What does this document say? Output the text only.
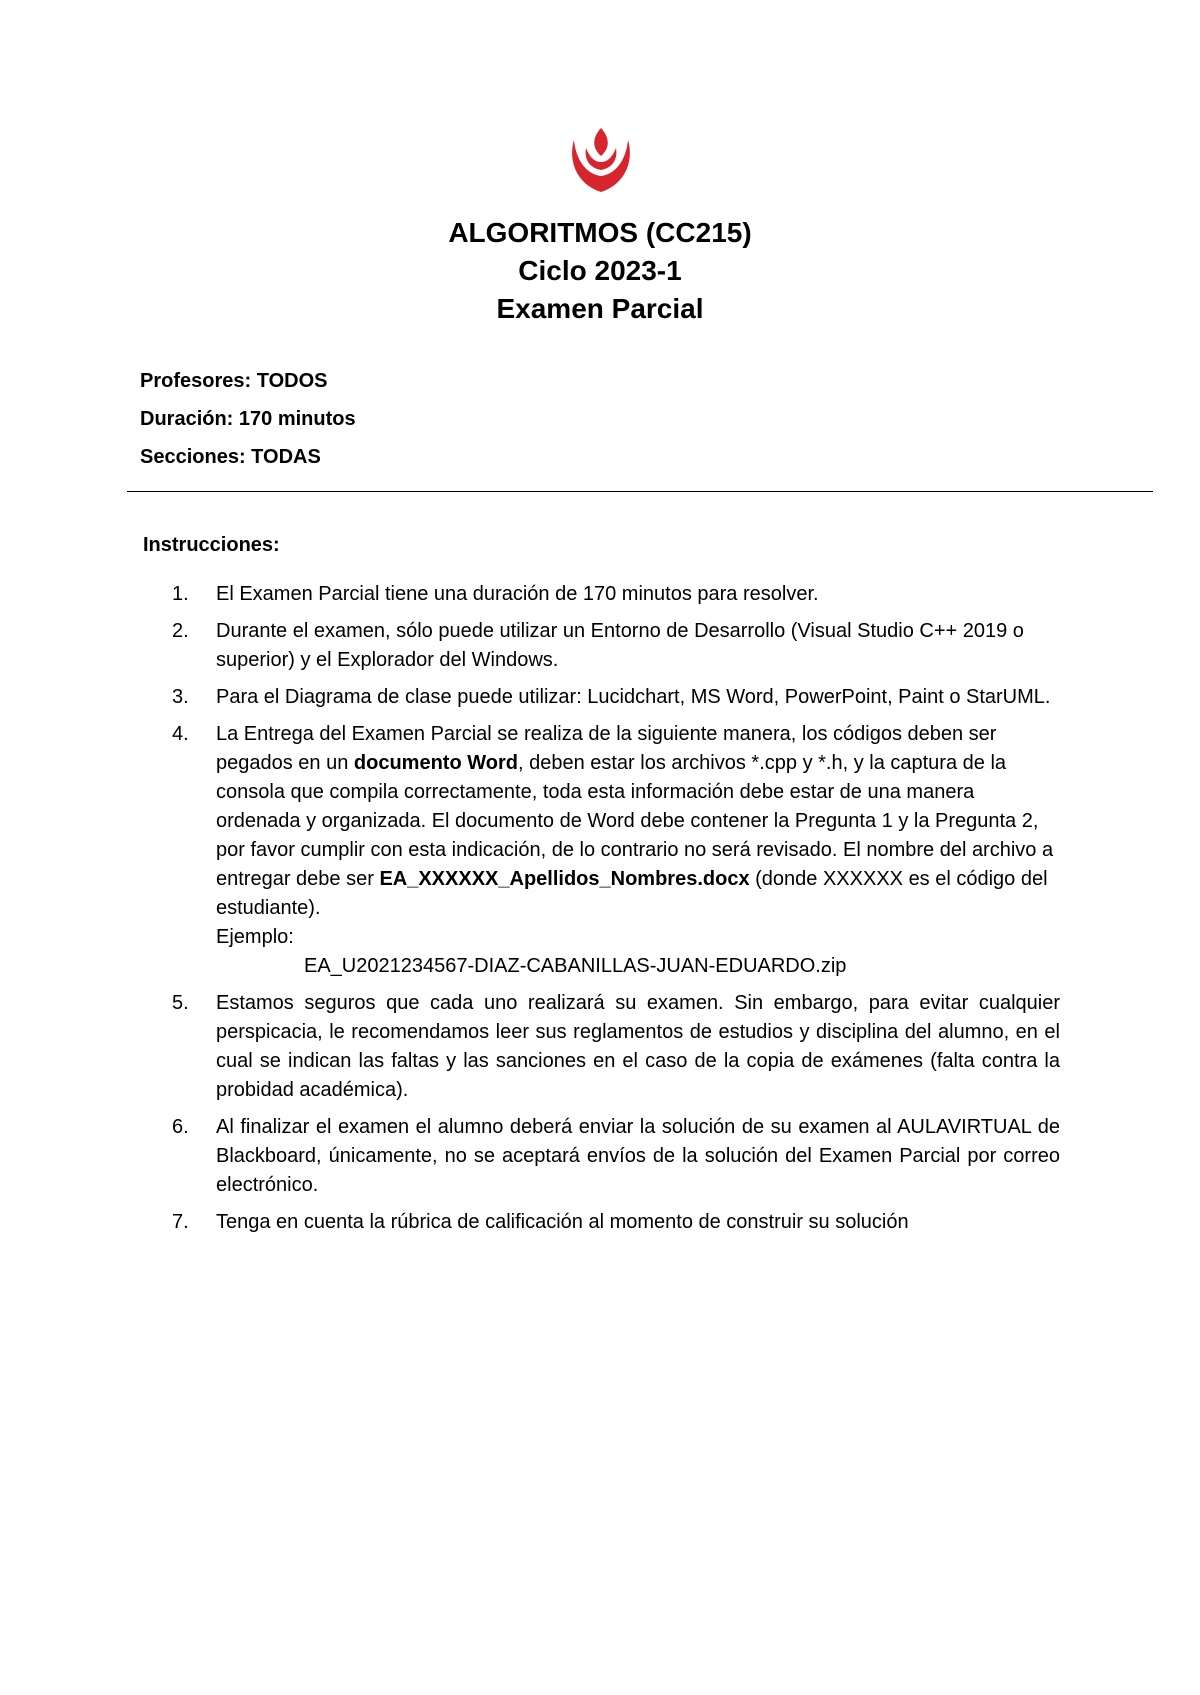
ALGORITMOS (CC215)
Ciclo 2023-1
Examen Parcial
Profesores: TODOS
Duración: 170 minutos
Secciones: TODAS
Instrucciones:
1.	El Examen Parcial tiene una duración de 170 minutos para resolver.
2.	Durante el examen, sólo puede utilizar un Entorno de Desarrollo (Visual Studio C++ 2019 o superior) y el Explorador del Windows.
3.	Para el Diagrama de clase puede utilizar: Lucidchart, MS Word, PowerPoint, Paint o StarUML.
4.	La Entrega del Examen Parcial se realiza de la siguiente manera, los códigos deben ser pegados en un documento Word, deben estar los archivos *.cpp y *.h, y la captura de la consola que compila correctamente, toda esta información debe estar de una manera ordenada y organizada. El documento de Word debe contener la Pregunta 1 y la Pregunta 2, por favor cumplir con esta indicación, de lo contrario no será revisado. El nombre del archivo a entregar debe ser EA_XXXXXX_Apellidos_Nombres.docx (donde XXXXXX es el código del estudiante).
Ejemplo:
EA_U2021234567-DIAZ-CABANILLAS-JUAN-EDUARDO.zip
5.	Estamos seguros que cada uno realizará su examen. Sin embargo, para evitar cualquier perspicacia, le recomendamos leer sus reglamentos de estudios y disciplina del alumno, en el cual se indican las faltas y las sanciones en el caso de la copia de exámenes (falta contra la probidad académica).
6.	Al finalizar el examen el alumno deberá enviar la solución de su examen al AULAVIRTUAL de Blackboard, únicamente, no se aceptará envíos de la solución del Examen Parcial por correo electrónico.
7.	Tenga en cuenta la rúbrica de calificación al momento de construir su solución
